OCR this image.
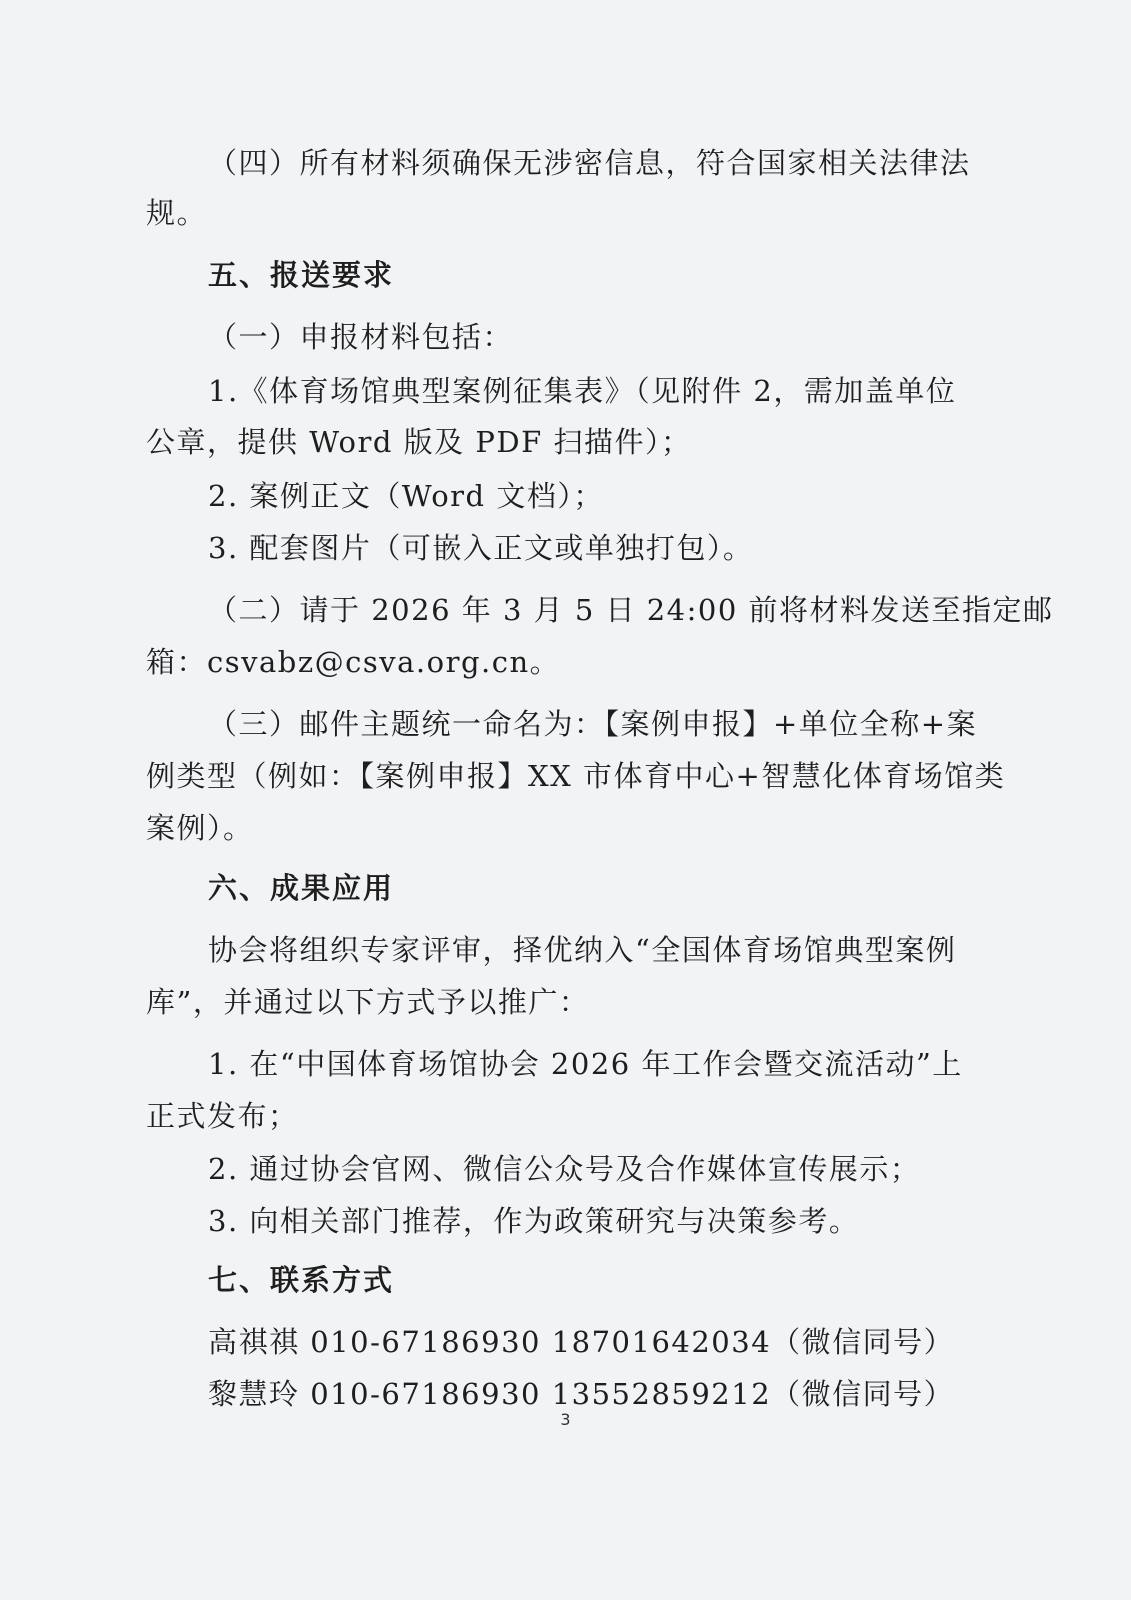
（四）所有材料须确保无涉密信息，符合国家相关法律法
规。
五、报送要求
（一）申报材料包括：
1.《体育场馆典型案例征集表》（见附件 2，需加盖单位
公章，提供 Word 版及 PDF 扫描件）；
2. 案例正文（Word 文档）；
3. 配套图片（可嵌入正文或单独打包）。
（二）请于 2026 年 3 月 5 日 24:00 前将材料发送至指定邮
箱：csvabz@csva.org.cn。
（三）邮件主题统一命名为：【案例申报】+单位全称+案
例类型（例如：【案例申报】XX 市体育中心+智慧化体育场馆类
案例）。
六、成果应用
协会将组织专家评审，择优纳入“全国体育场馆典型案例
库”，并通过以下方式予以推广：
1. 在“中国体育场馆协会 2026 年工作会暨交流活动”上
正式发布；
2. 通过协会官网、微信公众号及合作媒体宣传展示；
3. 向相关部门推荐，作为政策研究与决策参考。
七、联系方式
高祺祺 010-67186930 18701642034（微信同号）
黎慧玲 010-67186930 13552859212（微信同号）
3
